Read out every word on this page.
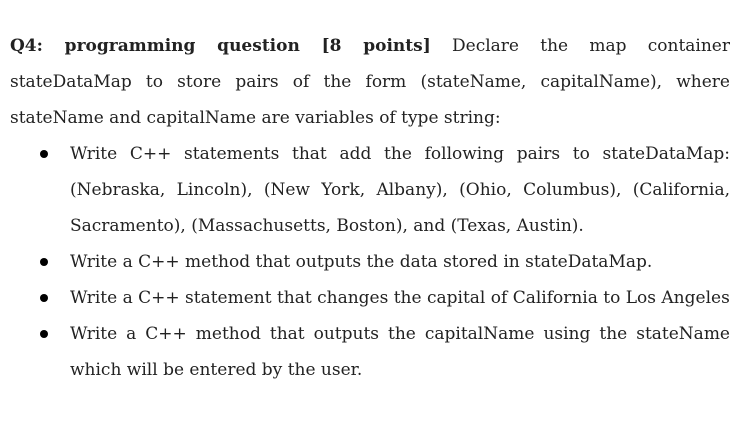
Q4: programming question [8 points] Declare the map container stateDataMap to store pairs of the form (stateName, capitalName), where stateName and capitalName are variables of type string:

Write C++ statements that add the following pairs to stateDataMap: (Nebraska, Lincoln), (New York, Albany), (Ohio, Columbus), (California, Sacramento), (Massachusetts, Boston), and (Texas, Austin).
Write a C++ method that outputs the data stored in stateDataMap.
Write a C++ statement that changes the capital of California to Los Angeles
Write a C++ method that outputs the capitalName using the stateName which will be entered by the user.
